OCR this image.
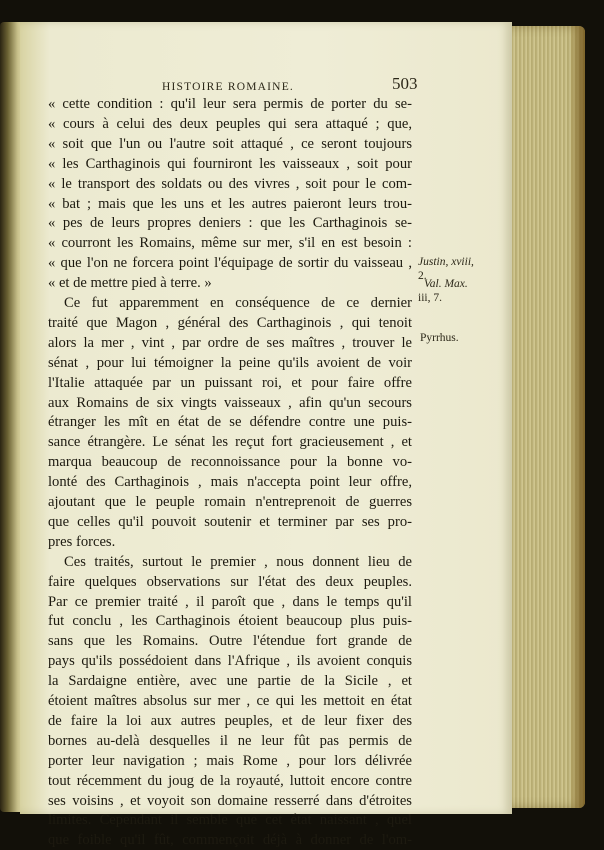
HISTOIRE ROMAINE.	503
« cette condition : qu'il leur sera permis de porter du se-
« cours à celui des deux peuples qui sera attaqué ; que,
« soit que l'un ou l'autre soit attaqué , ce seront toujours
« les Carthaginois qui fourniront les vaisseaux , soit pour
« le transport des soldats ou des vivres , soit pour le com-
« bat ; mais que les uns et les autres paieront leurs trou-
« pes de leurs propres deniers : que les Carthaginois se-
« courront les Romains, même sur mer, s'il en est besoin :
« que l'on ne forcera point l'équipage de sortir du vaisseau ,
« et de mettre pied à terre. »
Ce fut apparemment en conséquence de ce dernier
traité que Magon , général des Carthaginois , qui tenoit
alors la mer , vint , par ordre de ses maîtres , trouver le
sénat , pour lui témoigner la peine qu'ils avoient de voir
l'Italie attaquée par un puissant roi, et pour faire offre
aux Romains de six vingts vaisseaux , afin qu'un secours
étranger les mît en état de se défendre contre une puis-
sance étrangère. Le sénat les reçut fort gracieusement , et
marqua beaucoup de reconnoissance pour la bonne vo-
lonté des Carthaginois , mais n'accepta point leur offre,
ajoutant que le peuple romain n'entreprenoit de guerres
que celles qu'il pouvoit soutenir et terminer par ses pro-
pres forces.
Ces traités, surtout le premier , nous donnent lieu de
faire quelques observations sur l'état des deux peuples.
Par ce premier traité , il paroît que , dans le temps qu'il
fut conclu , les Carthaginois étoient beaucoup plus puis-
sans que les Romains. Outre l'étendue fort grande de
pays qu'ils possédoient dans l'Afrique , ils avoient conquis
la Sardaigne entière, avec une partie de la Sicile , et
étoient maîtres absolus sur mer , ce qui les mettoit en état
de faire la loi aux autres peuples, et de leur fixer des
bornes au-delà desquelles il ne leur fût pas permis de
porter leur navigation ; mais Rome , pour lors délivrée
tout récemment du joug de la royauté, luttoit encore contre
ses voisins , et voyoit son domaine resserré dans d'étroites
limites. Cependant il semble que cet état naissant , quel
que foible qu'il fût, commençoit déjà à donner de l'om-
Justin, xviii,
2.
Val. Max.
iii, 7.
Pyrrhus.
